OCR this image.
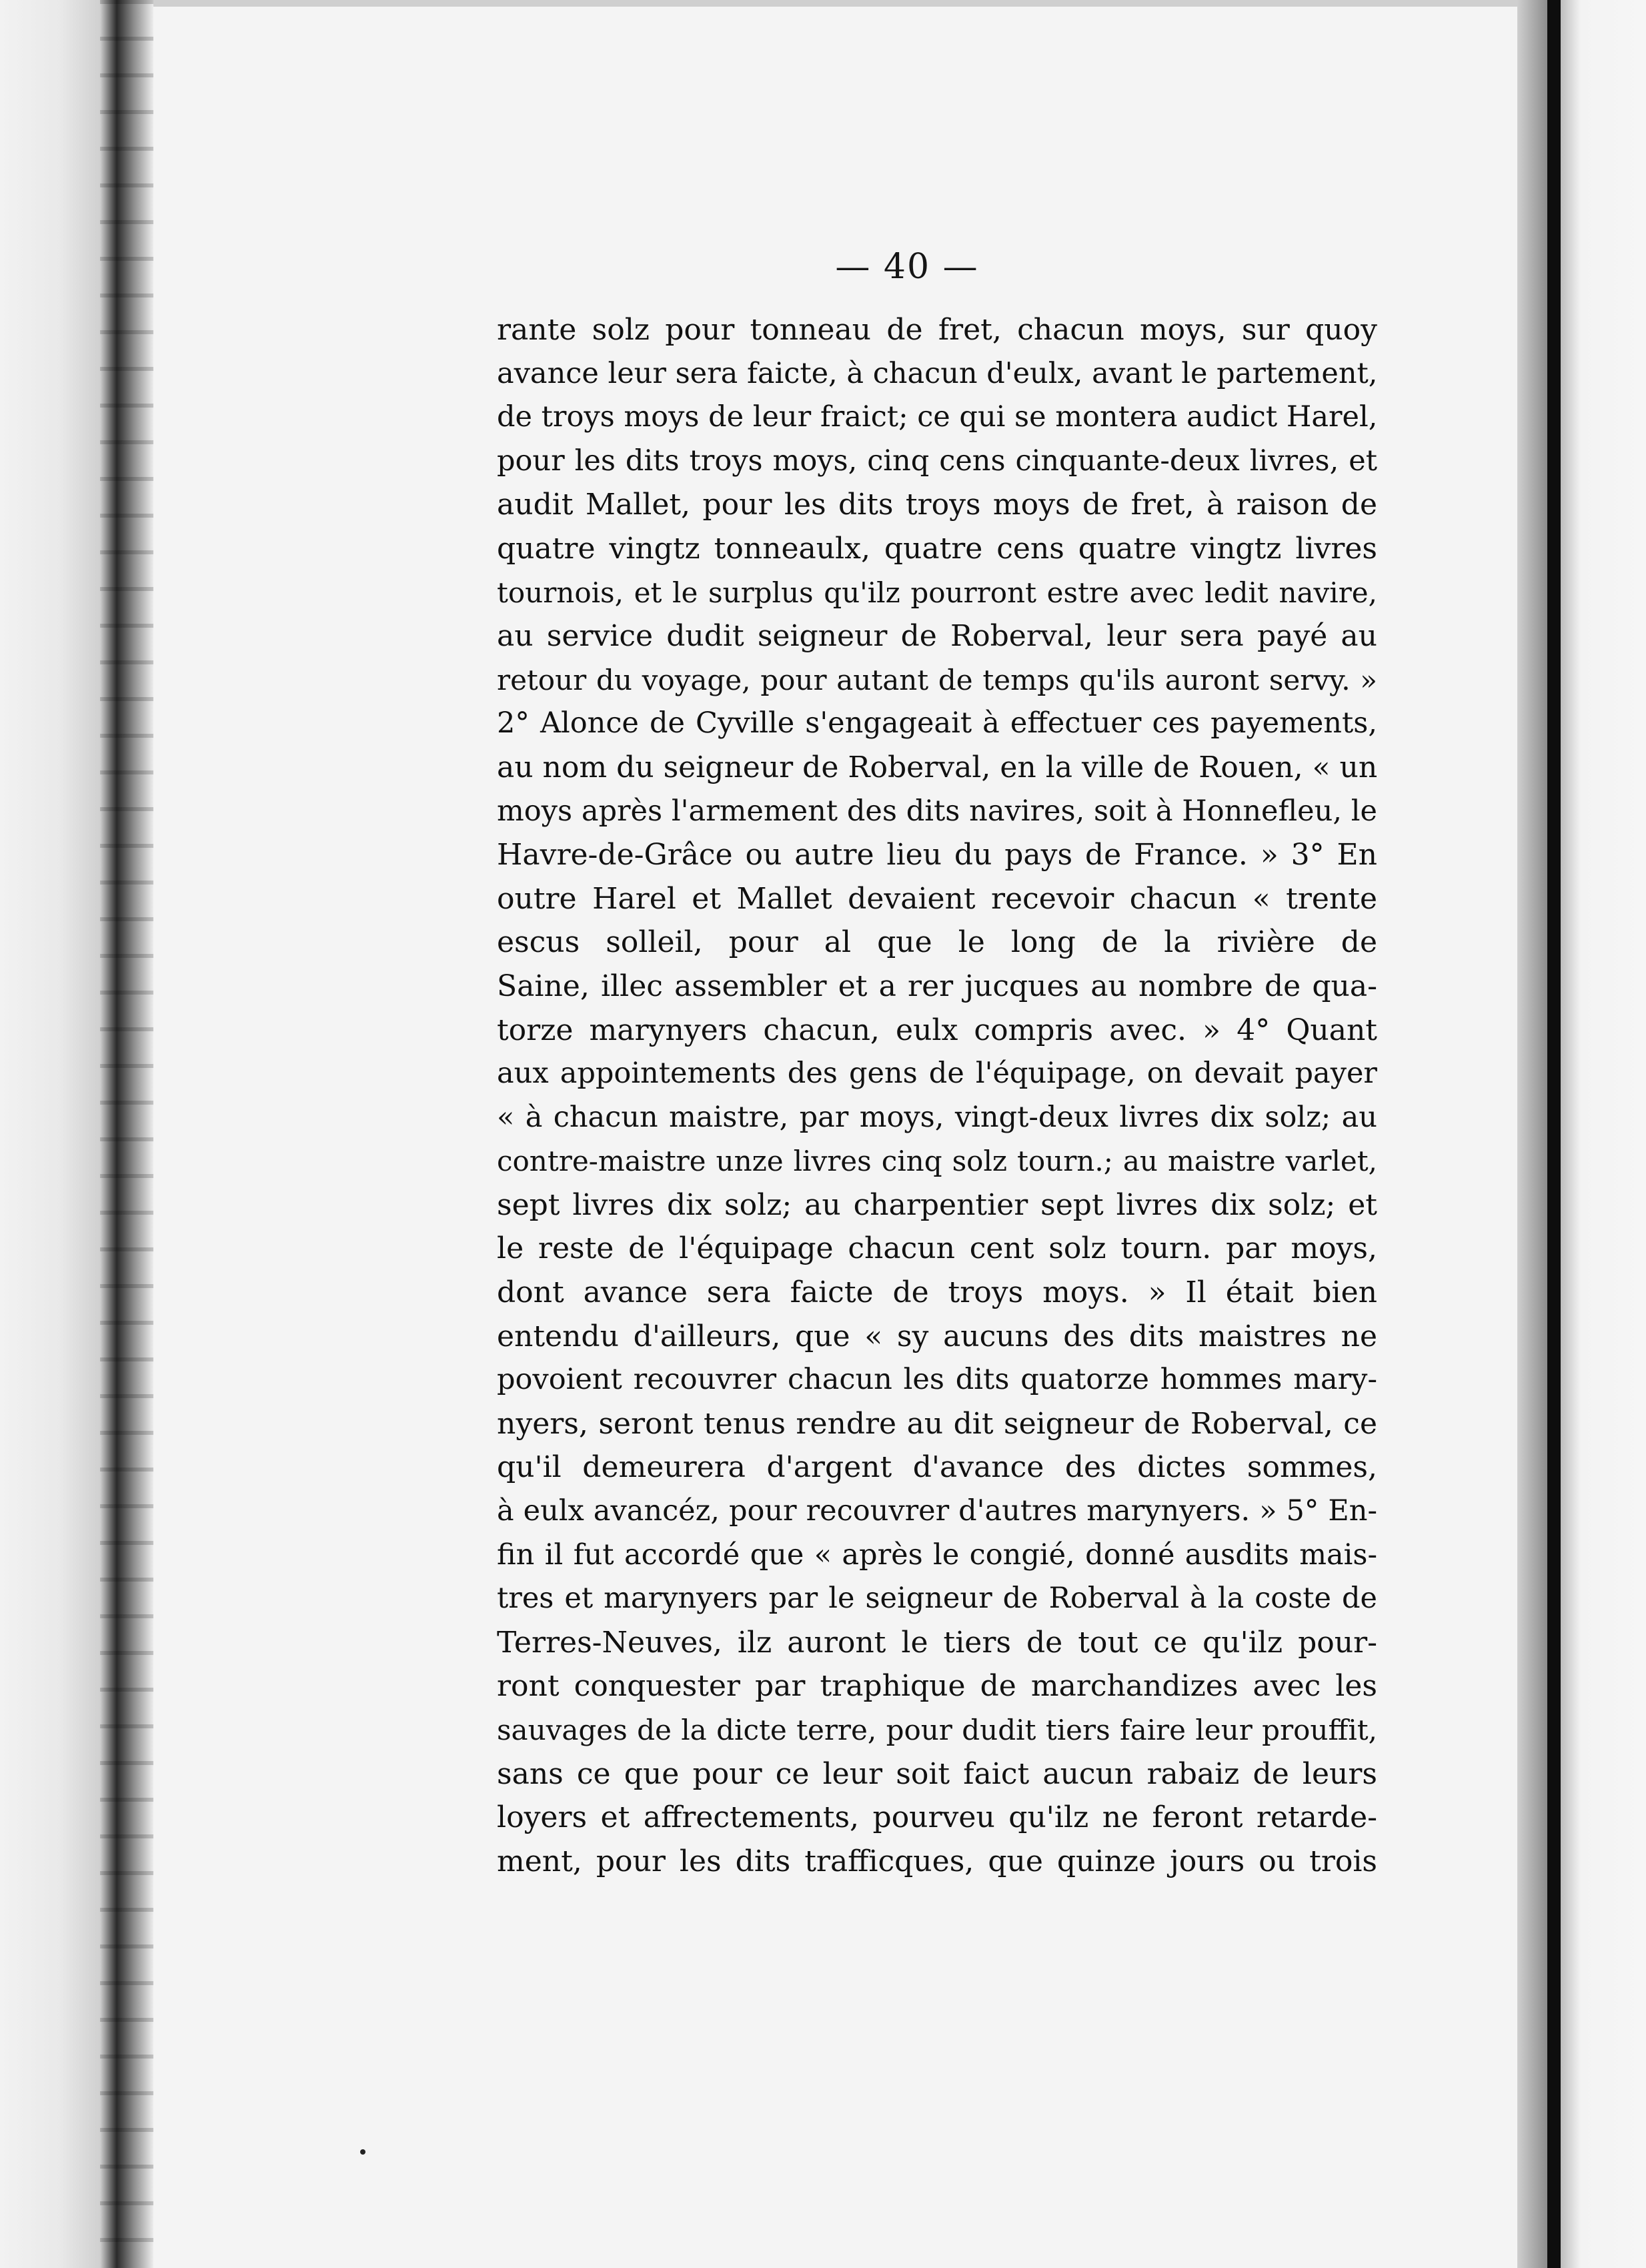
— 40 —
rante solz pour tonneau de fret, chacun moys, sur quoy
avance leur sera faicte, à chacun d'eulx, avant le partement,
de troys moys de leur fraict; ce qui se montera audict Harel,
pour les dits troys moys, cinq cens cinquante-deux livres, et
audit Mallet, pour les dits troys moys de fret, à raison de
quatre vingtz tonneaulx, quatre cens quatre vingtz livres
tournois, et le surplus qu'ilz pourront estre avec ledit navire,
au service dudit seigneur de Roberval, leur sera payé au
retour du voyage, pour autant de temps qu'ils auront servy. »
2° Alonce de Cyville s'engageait à effectuer ces payements,
au nom du seigneur de Roberval, en la ville de Rouen, « un
moys après l'armement des dits navires, soit à Honnefleu, le
Havre-de-Grâce ou autre lieu du pays de France. » 3° En
outre Harel et Mallet devaient recevoir chacun « trente
escus solleil, pour al que le long de la rivière de
Saine, illec assembler et a rer jucques au nombre de qua-
torze marynyers chacun, eulx compris avec. » 4° Quant
aux appointements des gens de l'équipage, on devait payer
« à chacun maistre, par moys, vingt-deux livres dix solz; au
contre-maistre unze livres cinq solz tourn.; au maistre varlet,
sept livres dix solz; au charpentier sept livres dix solz; et
le reste de l'équipage chacun cent solz tourn. par moys,
dont avance sera faicte de troys moys. » Il était bien
entendu d'ailleurs, que « sy aucuns des dits maistres ne
povoient recouvrer chacun les dits quatorze hommes mary-
nyers, seront tenus rendre au dit seigneur de Roberval, ce
qu'il demeurera d'argent d'avance des dictes sommes,
à eulx avancéz, pour recouvrer d'autres marynyers. » 5° En-
fin il fut accordé que « après le congié, donné ausdits mais-
tres et marynyers par le seigneur de Roberval à la coste de
Terres-Neuves, ilz auront le tiers de tout ce qu'ilz pour-
ront conquester par traphique de marchandizes avec les
sauvages de la dicte terre, pour dudit tiers faire leur prouffit,
sans ce que pour ce leur soit faict aucun rabaiz de leurs
loyers et affrectements, pourveu qu'ilz ne feront retarde-
ment, pour les dits trafficques, que quinze jours ou trois
